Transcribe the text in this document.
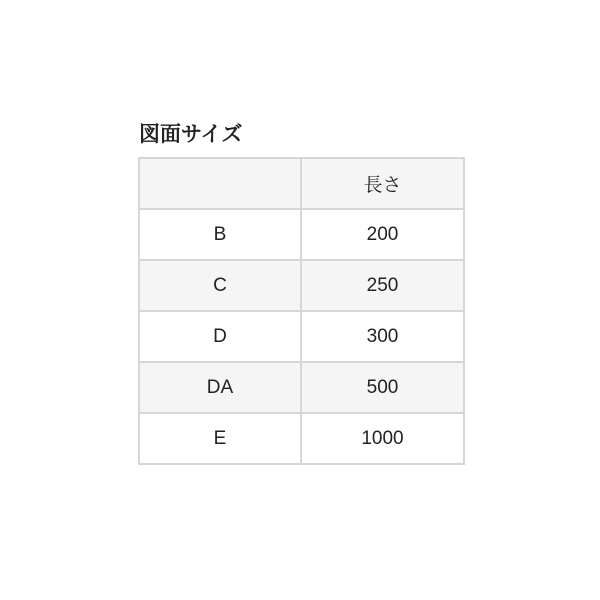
図面サイズ
	長さ
B	200
C	250
D	300
DA	500
E	1000
